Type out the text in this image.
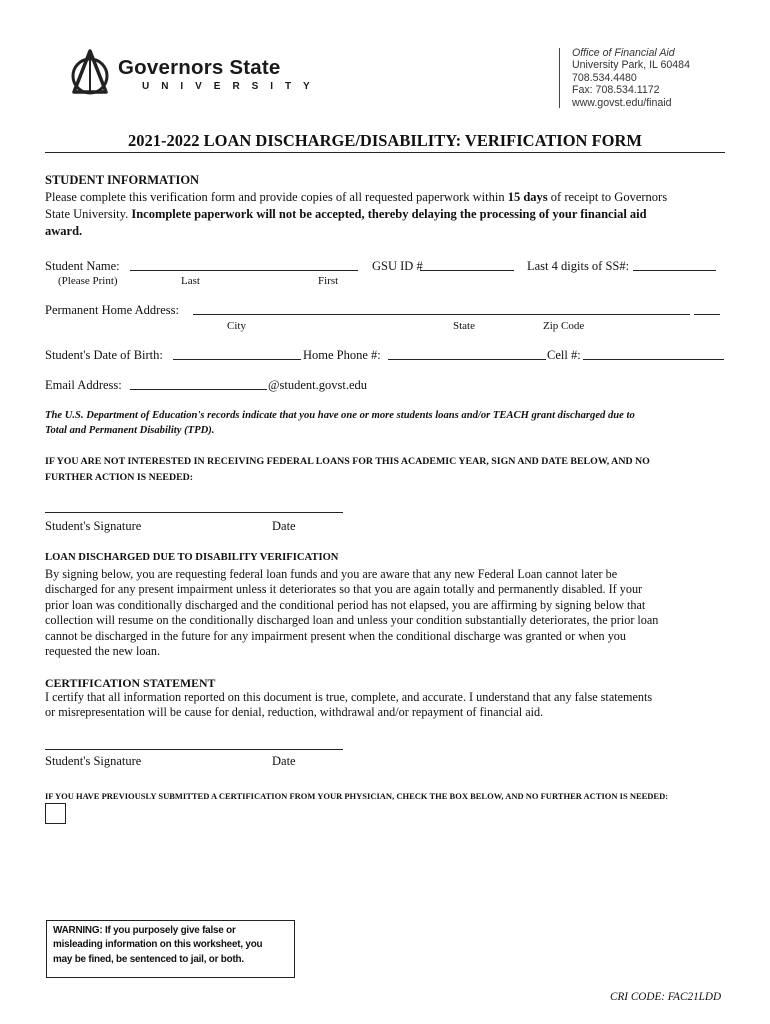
Governors State
U N I V E R S I T Y
Office of Financial Aid
University Park, IL 60484
708.534.4480
Fax: 708.534.1172
www.govst.edu/finaid
2021-2022 LOAN DISCHARGE/DISABILITY: VERIFICATION FORM
STUDENT INFORMATION
Please complete this verification form and provide copies of all requested paperwork within 15 days of receipt to Governors
State University. Incomplete paperwork will not be accepted, thereby delaying the processing of your financial aid
award.
Student Name:	GSU ID #	Last 4 digits of SS#:
(Please Print)	Last	First
Permanent Home Address:
City	State	Zip Code
Student's Date of Birth:	Home Phone #:	Cell #:
Email Address:	@student.govst.edu
The U.S. Department of Education's records indicate that you have one or more students loans and/or TEACH grant discharged due to
Total and Permanent Disability (TPD).
IF YOU ARE NOT INTERESTED IN RECEIVING FEDERAL LOANS FOR THIS ACADEMIC YEAR, SIGN AND DATE BELOW, AND NO
FURTHER ACTION IS NEEDED:
Student's Signature	Date
LOAN DISCHARGED DUE TO DISABILITY VERIFICATION
By signing below, you are requesting federal loan funds and you are aware that any new Federal Loan cannot later be
discharged for any present impairment unless it deteriorates so that you are again totally and permanently disabled. If your
prior loan was conditionally discharged and the conditional period has not elapsed, you are affirming by signing below that
collection will resume on the conditionally discharged loan and unless your condition substantially deteriorates, the prior loan
cannot be discharged in the future for any impairment present when the conditional discharge was granted or when you
requested the new loan.
CERTIFICATION STATEMENT
I certify that all information reported on this document is true, complete, and accurate. I understand that any false statements
or misrepresentation will be cause for denial, reduction, withdrawal and/or repayment of financial aid.
Student's Signature	Date
IF YOU HAVE PREVIOUSLY SUBMITTED A CERTIFICATION FROM YOUR PHYSICIAN, CHECK THE BOX BELOW, AND NO FURTHER ACTION IS NEEDED:
WARNING: If you purposely give false or
misleading information on this worksheet, you
may be fined, be sentenced to jail, or both.
CRI CODE: FAC21LDD
